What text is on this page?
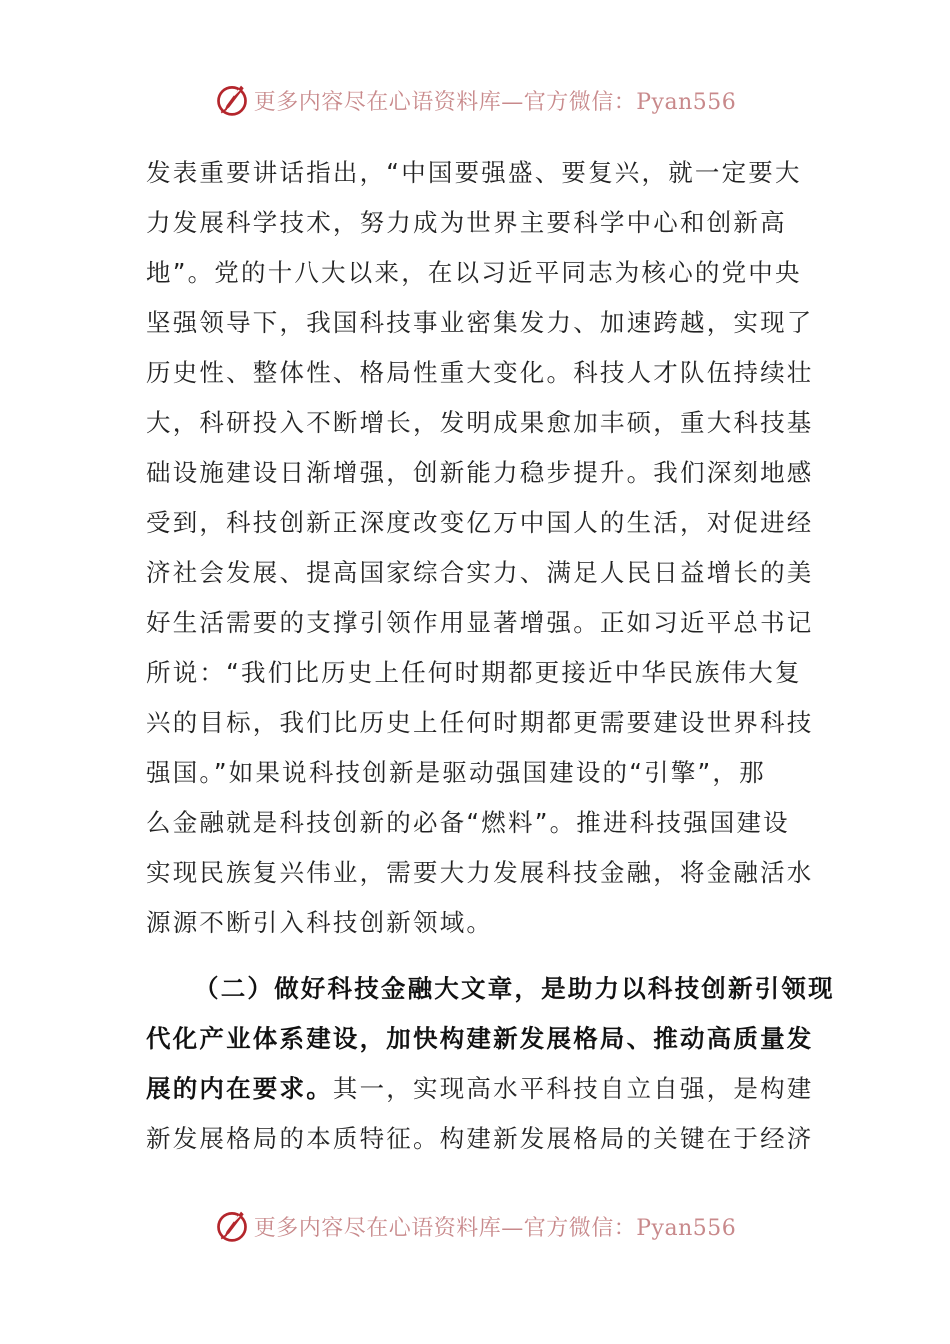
更多内容尽在心语资料库—官方微信：Pyan556
发表重要讲话指出，“中国要强盛、要复兴，就一定要大
力发展科学技术，努力成为世界主要科学中心和创新高
地”。党的十八大以来，在以习近平同志为核心的党中央
坚强领导下，我国科技事业密集发力、加速跨越，实现了
历史性、整体性、格局性重大变化。科技人才队伍持续壮
大，科研投入不断增长，发明成果愈加丰硕，重大科技基
础设施建设日渐增强，创新能力稳步提升。我们深刻地感
受到，科技创新正深度改变亿万中国人的生活，对促进经
济社会发展、提高国家综合实力、满足人民日益增长的美
好生活需要的支撑引领作用显著增强。正如习近平总书记
所说：“我们比历史上任何时期都更接近中华民族伟大复
兴的目标，我们比历史上任何时期都更需要建设世界科技
强国。”如果说科技创新是驱动强国建设的“引擎”，那
么金融就是科技创新的必备“燃料”。推进科技强国建设
实现民族复兴伟业，需要大力发展科技金融，将金融活水
源源不断引入科技创新领域。
（二）做好科技金融大文章，是助力以科技创新引领现
代化产业体系建设，加快构建新发展格局、推动高质量发
展的内在要求。其一，实现高水平科技自立自强，是构建
新发展格局的本质特征。构建新发展格局的关键在于经济
更多内容尽在心语资料库—官方微信：Pyan556
